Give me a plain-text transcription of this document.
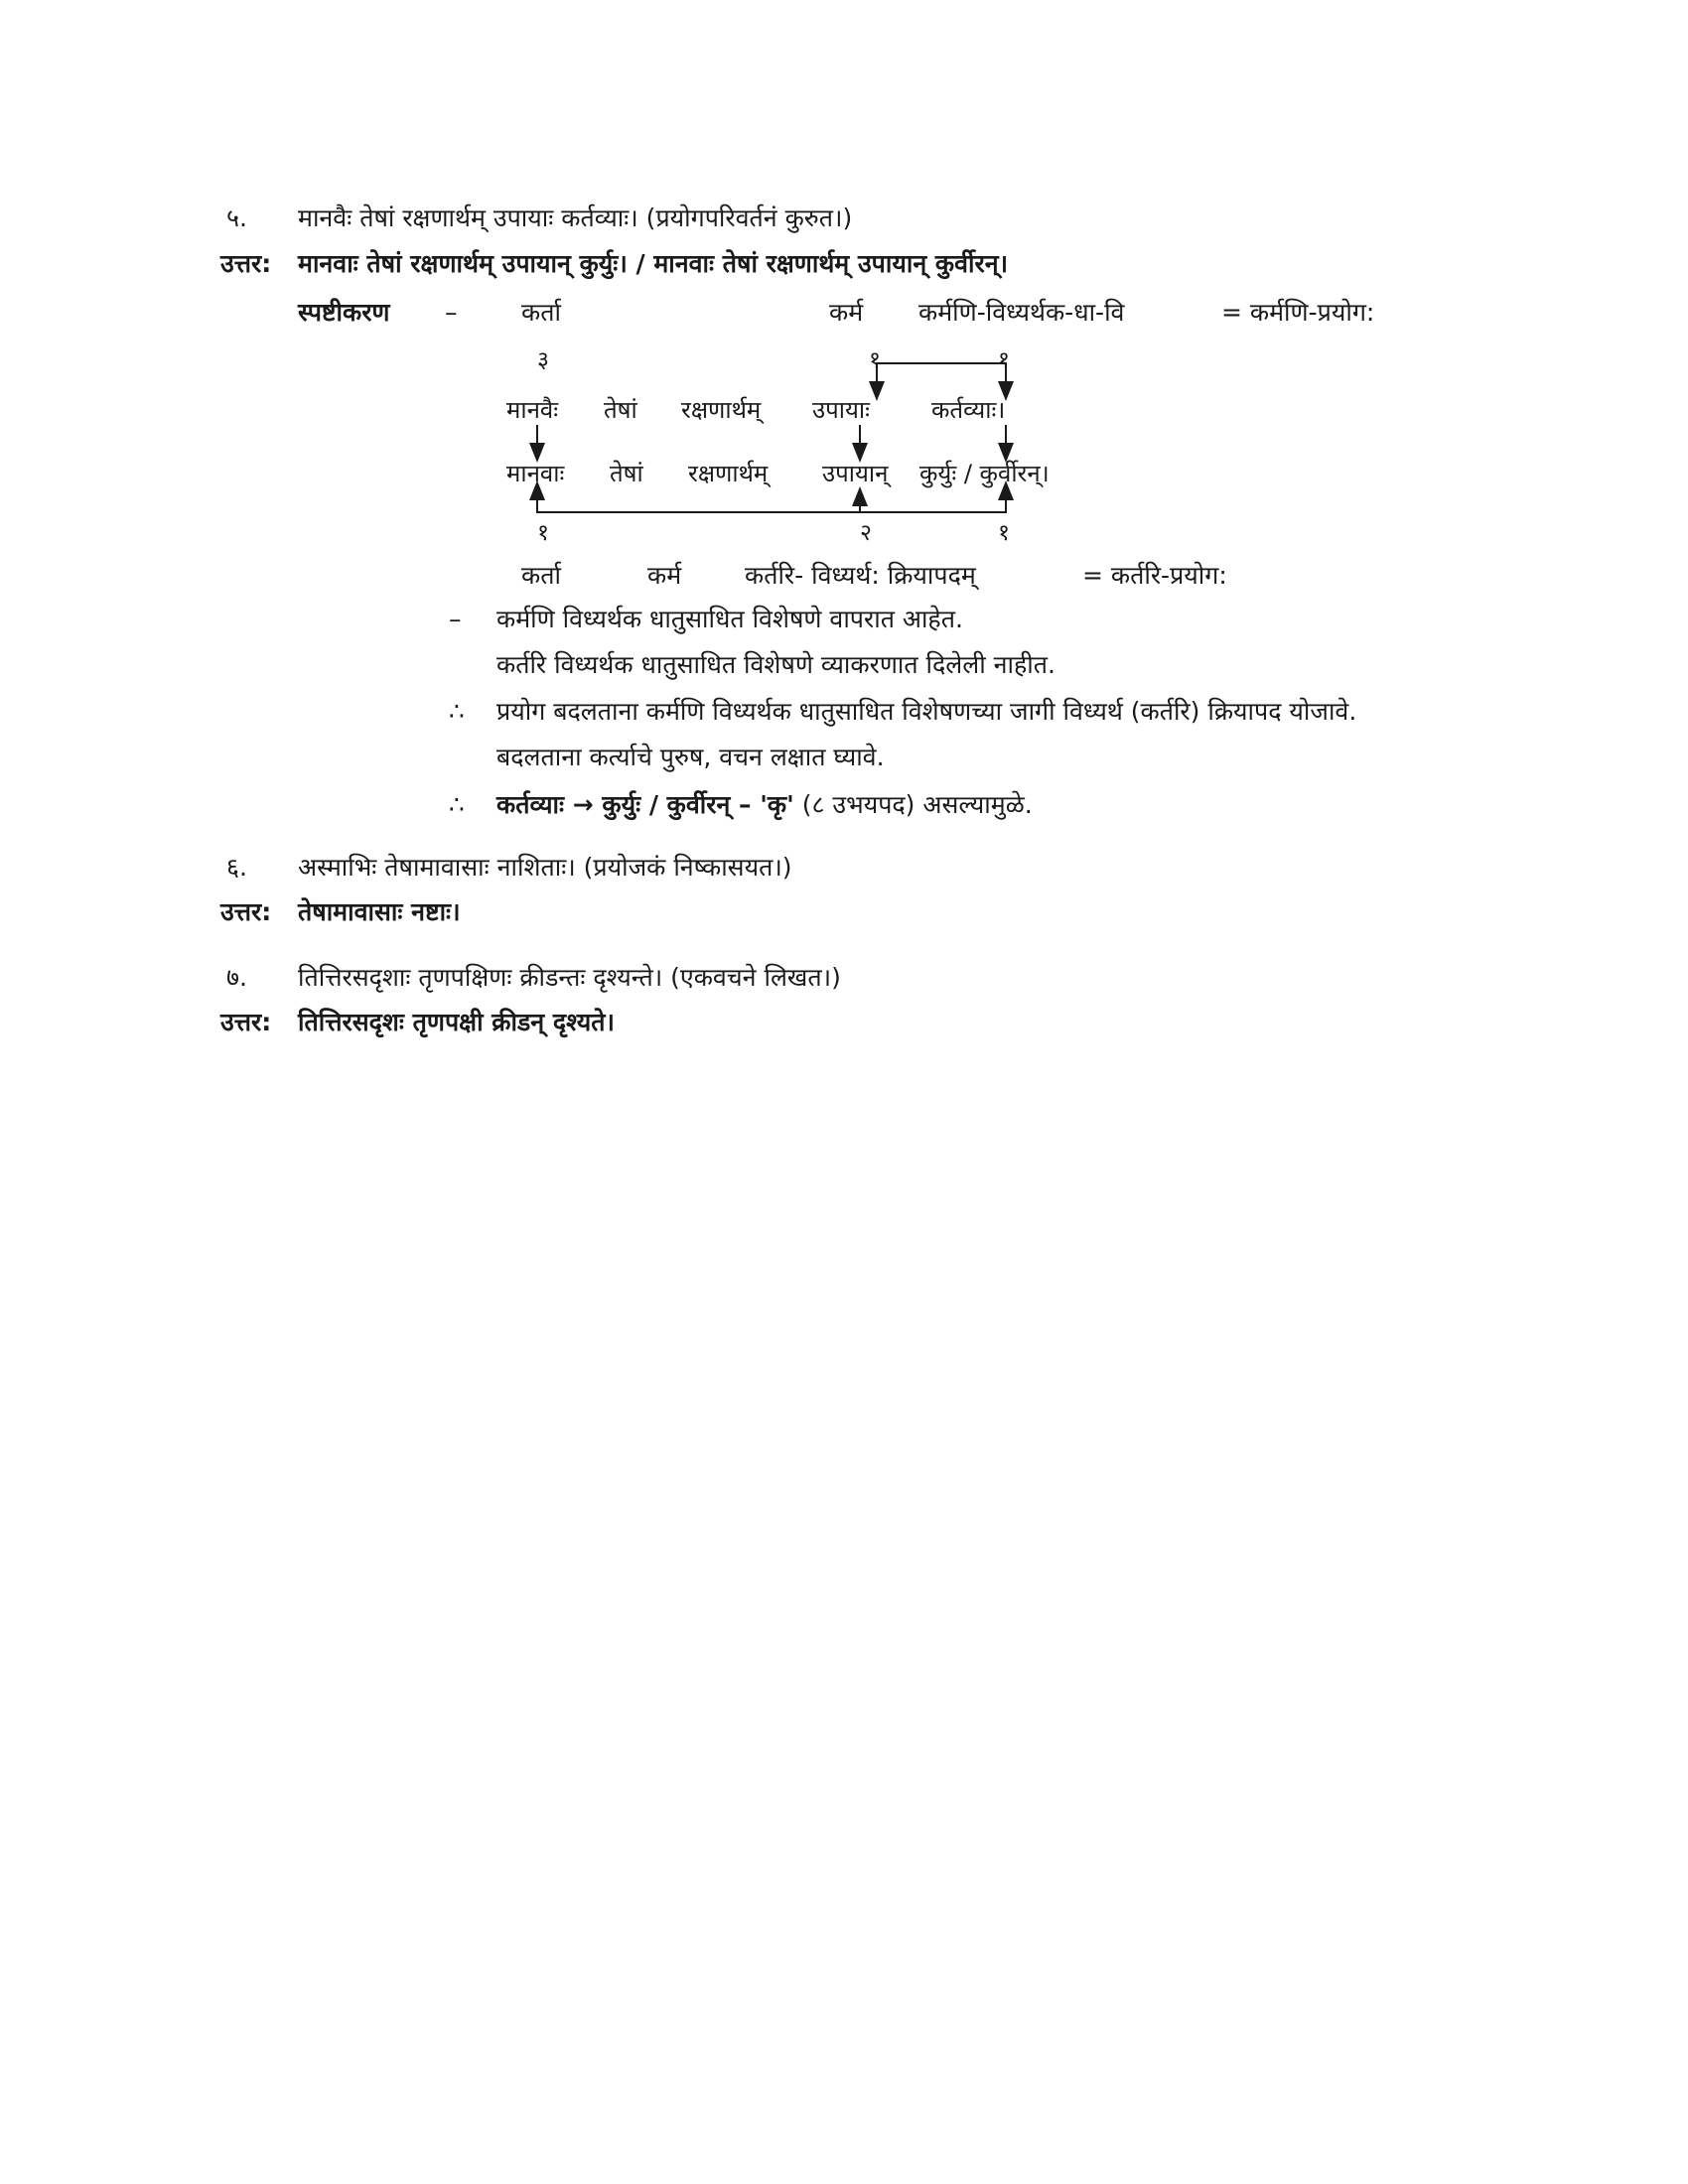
५. मानवैः तेषां रक्षणार्थम् उपायाः कर्तव्याः। (प्रयोगपरिवर्तनं कुरुत।)
उत्तर: मानवाः तेषां रक्षणार्थम् उपायान् कुर्युः। / मानवाः तेषां रक्षणार्थम् उपायान् कुर्वीरन्।
स्पष्टीकरण –	कर्ता	कर्म कर्मणि-विध्यर्थक-धा-वि	= कर्मणि-प्रयोग:
३	१	१
मानवैः तेषां रक्षणार्थम् उपायाः	कर्तव्याः।
मानवाः तेषां रक्षणार्थम् उपायान् कुर्युः / कुर्वीरन्।
१	२	१
कर्ता	कर्म	कर्तरि- विध्यर्थ: क्रियापदम्	= कर्तरि-प्रयोग:
– कर्मणि विध्यर्थक धातुसाधित विशेषणे वापरात आहेत.
कर्तरि विध्यर्थक धातुसाधित विशेषणे व्याकरणात दिलेली नाहीत.
∴ प्रयोग बदलताना कर्मणि विध्यर्थक धातुसाधित विशेषणच्या जागी विध्यर्थ (कर्तरि) क्रियापद योजावे.
बदलताना कर्त्याचे पुरुष, वचन लक्षात घ्यावे.
∴ कर्तव्याः → कुर्युः / कुर्वीरन् – 'कृ' (८ उभयपद) असल्यामुळे.
६. अस्माभिः तेषामावासाः नाशिताः। (प्रयोजकं निष्कासयत।)
उत्तर: तेषामावासाः नष्टाः।
७. तित्तिरसदृशाः तृणपक्षिणः क्रीडन्तः दृश्यन्ते। (एकवचने लिखत।)
उत्तर: तित्तिरसदृशः तृणपक्षी क्रीडन् दृश्यते।
